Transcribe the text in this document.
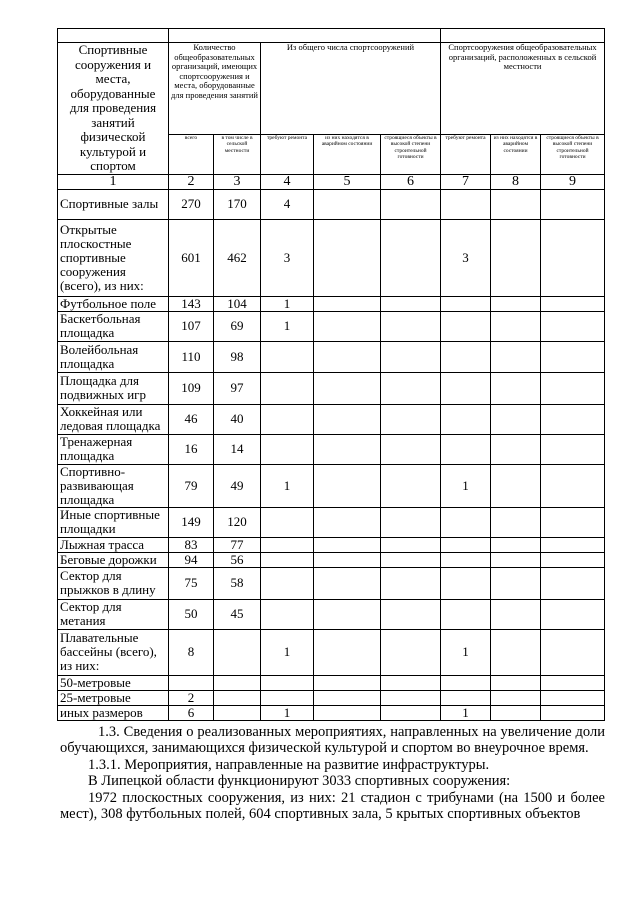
Спортивные сооружения и места, оборудованные для проведения занятий физической культурой и спортом	Количество общеобразовательных организаций, имеющих спортсооружения и места, оборудованные для проведения занятий		Из общего числа спортсооружений			Спортсооружения общеобразовательных организаций, расположенных в сельской местности		
	всего	в том числе в сельской местности	требуют ремонта	из них находятся в аварийном состоянии	строящиеся объекты в высокой степени строительной готовности	требуют ремонта	из них находятся в аварийном состоянии	строящиеся объекты в высокой степени строительной готовности
1	2	3	4	5	6	7	8	9
Спортивные залы	270	170	4					
Открытые плоскостные спортивные сооружения (всего), из них:	601	462	3			3		
Футбольное поле	143	104	1					
Баскетбольная площадка	107	69	1					
Волейбольная площадка	110	98						
Площадка для подвижных игр	109	97						
Хоккейная или ледовая площадка	46	40						
Тренажерная площадка	16	14						
Спортивно-развивающая площадка	79	49	1			1		
Иные спортивные площадки	149	120						
Лыжная трасса	83	77						
Беговые дорожки	94	56						
Сектор для прыжков в длину	75	58						
Сектор для метания	50	45						
Плавательные бассейны (всего), из них:	8		1			1		
50-метровые								
25-метровые	2							
иных размеров	6		1			1		
1.3. Сведения о реализованных мероприятиях, направленных на увеличение доли обучающихся, занимающихся физической культурой и спортом во внеурочное время.
1.3.1. Мероприятия, направленные на развитие инфраструктуры.
В Липецкой области функционируют 3033 спортивных сооружения:
1972 плоскостных сооружения, из них: 21 стадион с трибунами (на 1500 и более мест), 308 футбольных полей, 604 спортивных зала, 5 крытых спортивных объектов
